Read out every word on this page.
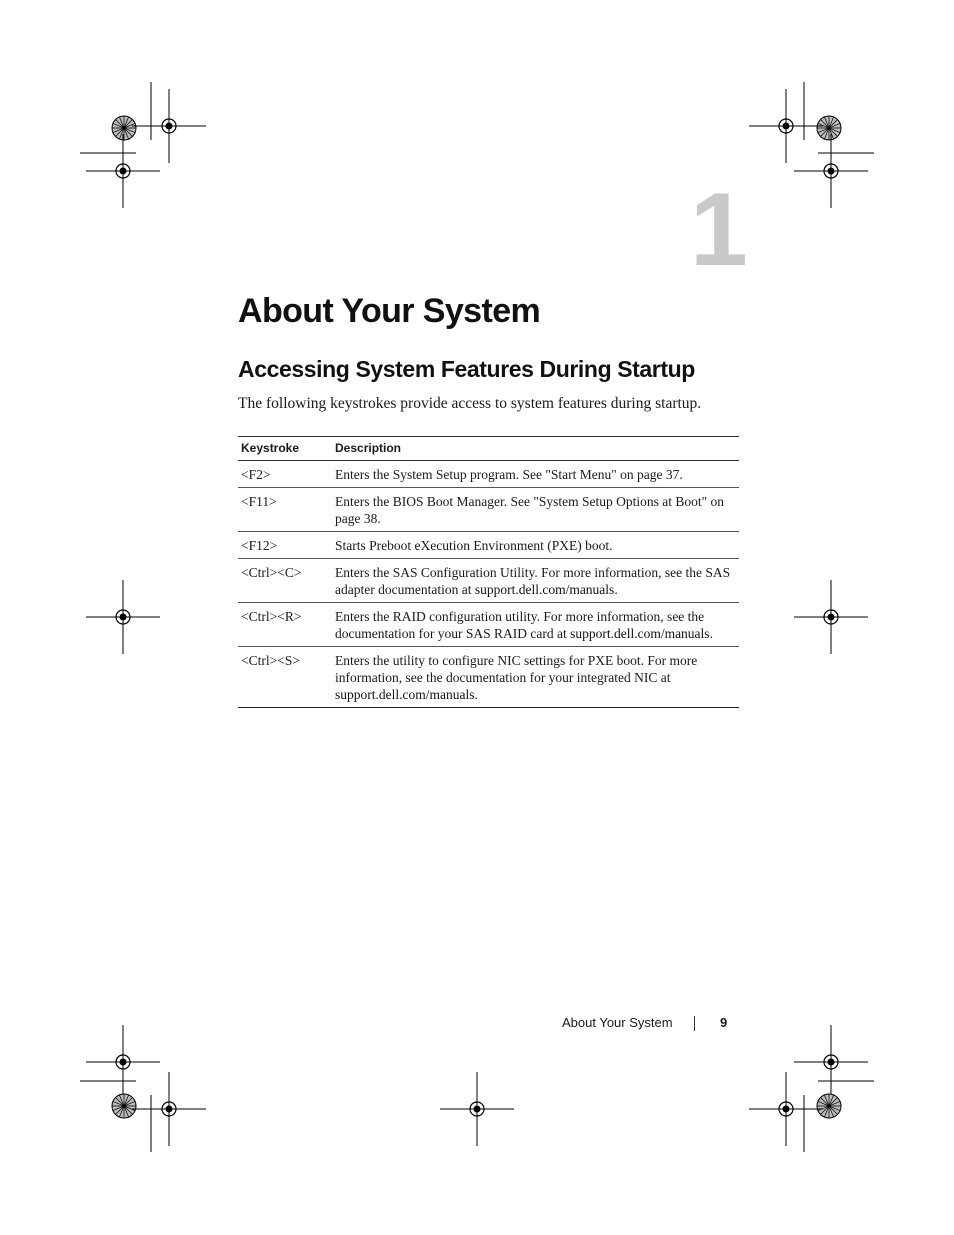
1
About Your System
Accessing System Features During Startup

The following keystrokes provide access to system features during startup.

Keystroke	Description
<F2>	Enters the System Setup program. See "Start Menu" on page 37.
<F11>	Enters the BIOS Boot Manager. See "System Setup Options at Boot" on page 38.
<F12>	Starts Preboot eXecution Environment (PXE) boot.
<Ctrl><C>	Enters the SAS Configuration Utility. For more information, see the SAS adapter documentation at support.dell.com/manuals.
<Ctrl><R>	Enters the RAID configuration utility. For more information, see the documentation for your SAS RAID card at support.dell.com/manuals.
<Ctrl><S>	Enters the utility to configure NIC settings for PXE boot. For more information, see the documentation for your integrated NIC at support.dell.com/manuals.
About Your System	9
